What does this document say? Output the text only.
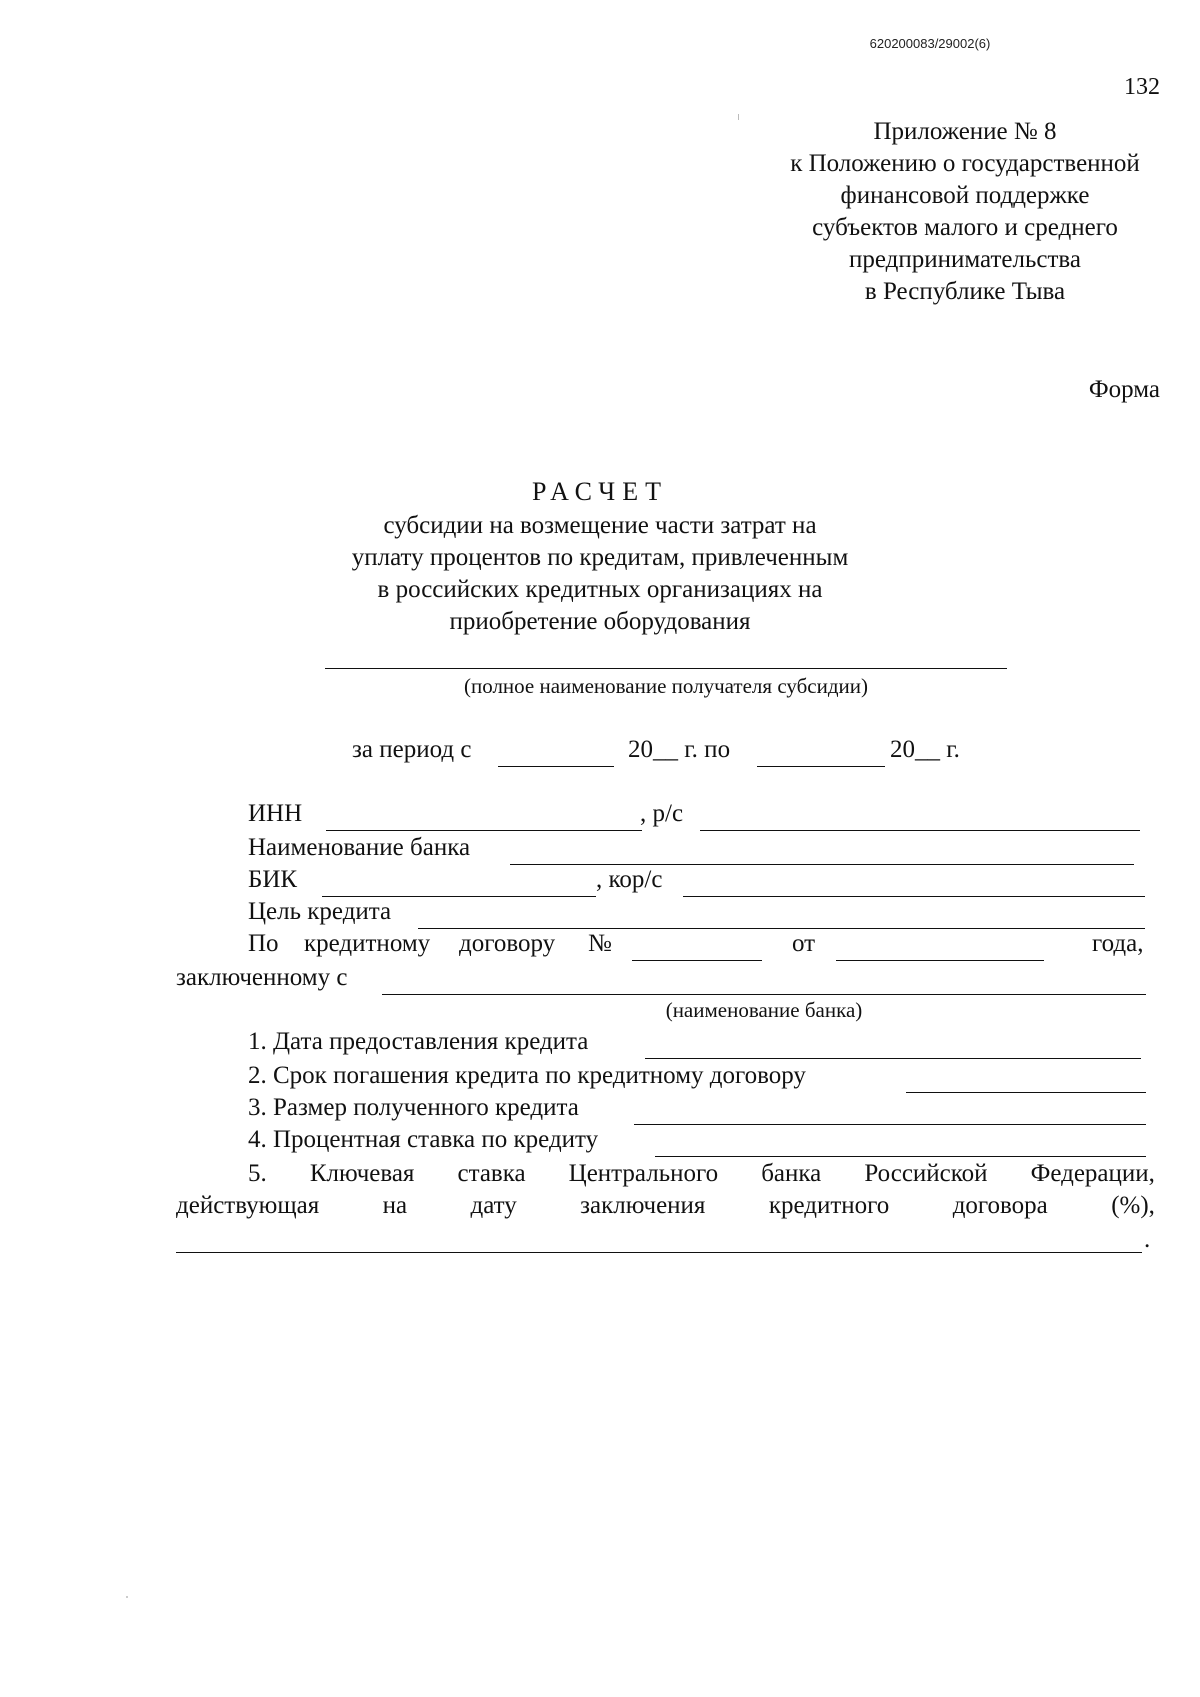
620200083/29002(6)
132
Приложение № 8
к Положению о государственной
финансовой поддержке
субъектов малого и среднего
предпринимательства
в Республике Тыва
Форма
РАСЧЕТ
субсидии на возмещение части затрат на
уплату процентов по кредитам, привлеченным
в российских кредитных организациях на
приобретение оборудования
(полное наименование получателя субсидии)
за период с	20__ г. по	20__ г.
ИНН	, р/с
Наименование банка
БИК	, кор/с
Цель кредита
По кредитному договору №	от	года,
заключенному с
(наименование банка)
1. Дата предоставления кредита
2. Срок погашения кредита по кредитному договору
3. Размер полученного кредита
4. Процентная ставка по кредиту
5. Ключевая ставка Центрального банка Российской Федерации,
действующая	на	дату	заключения	кредитного	договора	(%),
.
